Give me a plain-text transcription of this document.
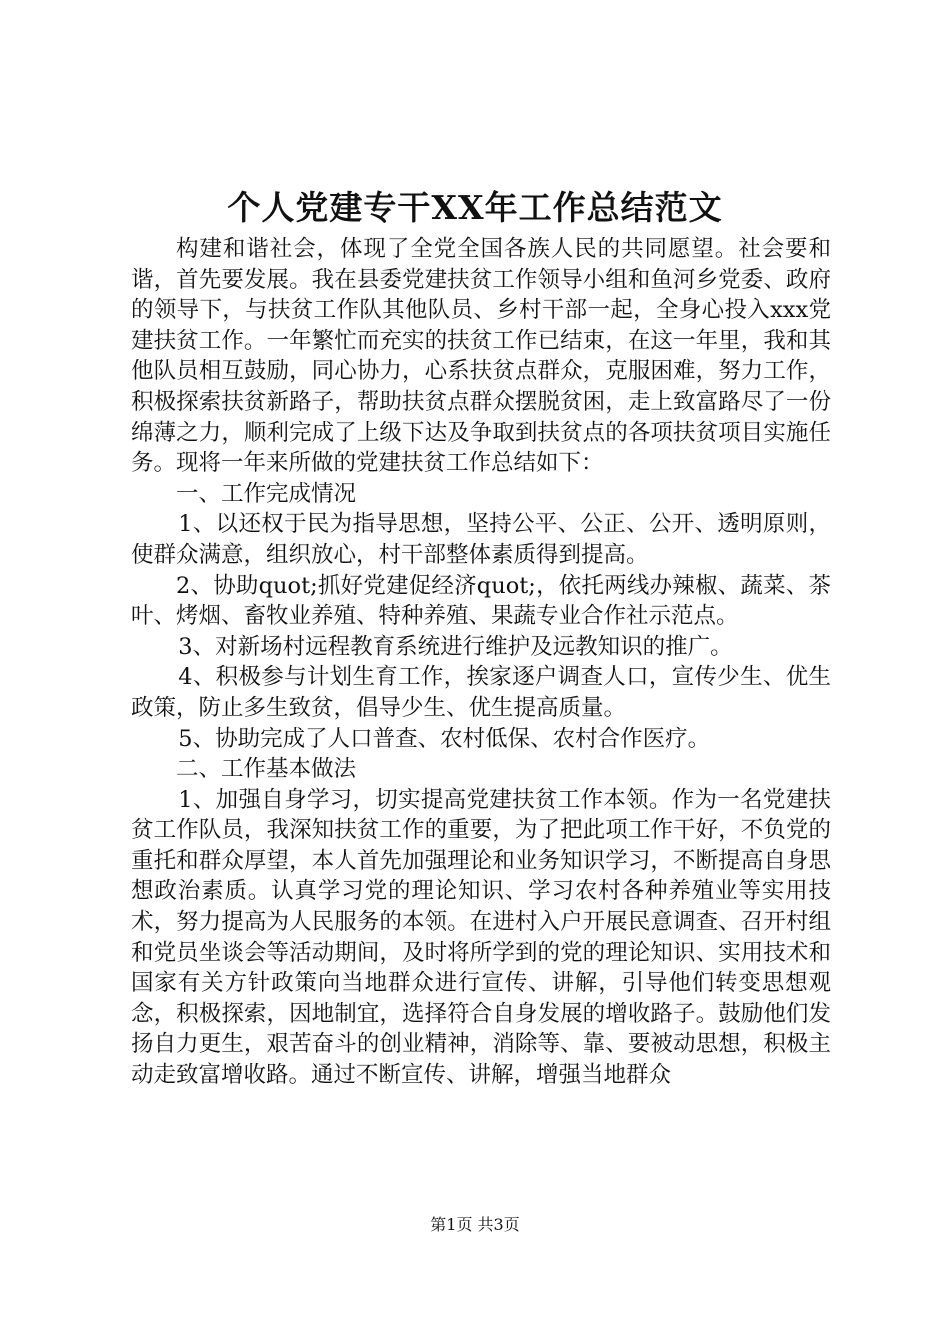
个人党建专干XX年工作总结范文

构建和谐社会，体现了全党全国各族人民的共同愿望。社会要和谐，首先要发展。我在县委党建扶贫工作领导小组和鱼河乡党委、政府的领导下，与扶贫工作队其他队员、乡村干部一起，全身心投入xxx党建扶贫工作。一年繁忙而充实的扶贫工作已结束，在这一年里，我和其他队员相互鼓励，同心协力，心系扶贫点群众，克服困难，努力工作，积极探索扶贫新路子，帮助扶贫点群众摆脱贫困，走上致富路尽了一份绵薄之力，顺利完成了上级下达及争取到扶贫点的各项扶贫项目实施任务。现将一年来所做的党建扶贫工作总结如下：

一、工作完成情况

1、以还权于民为指导思想，坚持公平、公正、公开、透明原则，使群众满意，组织放心，村干部整体素质得到提高。

2、协助quot;抓好党建促经济quot;，依托两线办辣椒、蔬菜、茶叶、烤烟、畜牧业养殖、特种养殖、果蔬专业合作社示范点。

3、对新场村远程教育系统进行维护及远教知识的推广。

4、积极参与计划生育工作，挨家逐户调查人口，宣传少生、优生政策，防止多生致贫，倡导少生、优生提高质量。

5、协助完成了人口普查、农村低保、农村合作医疗。

二、工作基本做法

1、加强自身学习，切实提高党建扶贫工作本领。作为一名党建扶贫工作队员，我深知扶贫工作的重要，为了把此项工作干好，不负党的重托和群众厚望，本人首先加强理论和业务知识学习，不断提高自身思想政治素质。认真学习党的理论知识、学习农村各种养殖业等实用技术，努力提高为人民服务的本领。在进村入户开展民意调查、召开村组和党员坐谈会等活动期间，及时将所学到的党的理论知识、实用技术和国家有关方针政策向当地群众进行宣传、讲解，引导他们转变思想观念，积极探索，因地制宜，选择符合自身发展的增收路子。鼓励他们发扬自力更生，艰苦奋斗的创业精神，消除等、靠、要被动思想，积极主动走致富增收路。通过不断宣传、讲解，增强当地群众

第1页 共3页
